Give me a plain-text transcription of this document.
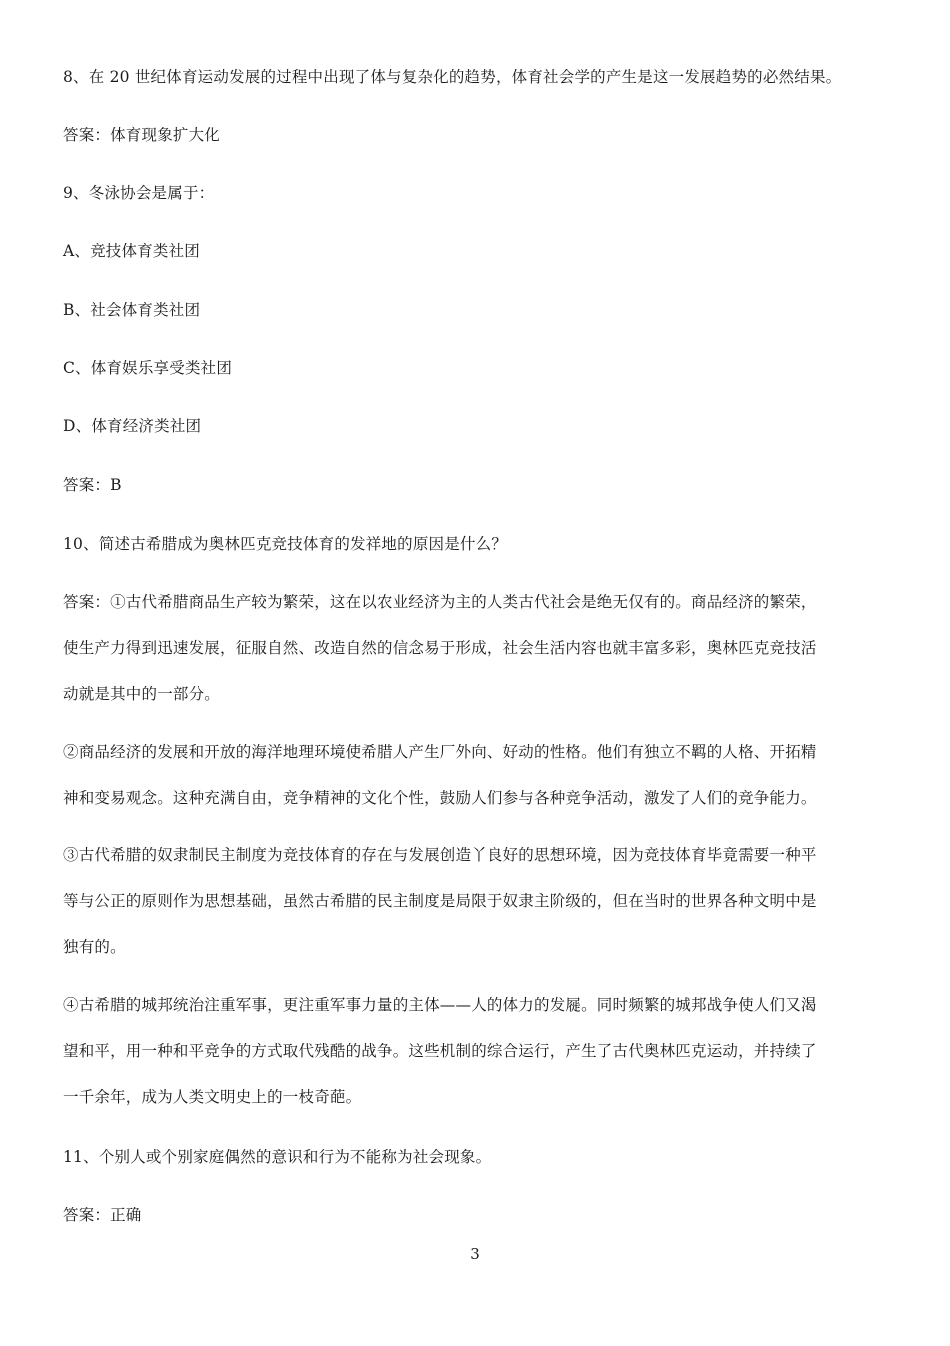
8、在 20 世纪体育运动发展的过程中出现了体与复杂化的趋势，体育社会学的产生是这一发展趋势的必然结果。
答案：体育现象扩大化
9、冬泳协会是属于：
A、竞技体育类社团
B、社会体育类社团
C、体育娱乐享受类社团
D、体育经济类社团
答案：B
10、简述古希腊成为奥林匹克竞技体育的发祥地的原因是什么？
答案：①古代希腊商品生产较为繁荣，这在以农业经济为主的人类古代社会是绝无仅有的。商品经济的繁荣，
使生产力得到迅速发展，征服自然、改造自然的信念易于形成，社会生活内容也就丰富多彩，奥林匹克竞技活
动就是其中的一部分。
②商品经济的发展和开放的海洋地理环境使希腊人产生厂外向、好动的性格。他们有独立不羁的人格、开拓精
神和变易观念。这种充满自由，竞争精神的文化个性，鼓励人们参与各种竞争活动，激发了人们的竞争能力。
③古代希腊的奴隶制民主制度为竞技体育的存在与发展创造丫良好的思想环境，因为竞技体育毕竟需要一种平
等与公正的原则作为思想基础，虽然古希腊的民主制度是局限于奴隶主阶级的，但在当时的世界各种文明中是
独有的。
④古希腊的城邦统治注重军事，更注重军事力量的主体——人的体力的发屣。同时频繁的城邦战争使人们又渴
望和平，用一种和平竞争的方式取代残酷的战争。这些机制的综合运行，产生了古代奥林匹克运动，并持续了
一千余年，成为人类文明史上的一枝奇葩。
11、个别人或个别家庭偶然的意识和行为不能称为社会现象。
答案：正确
3
